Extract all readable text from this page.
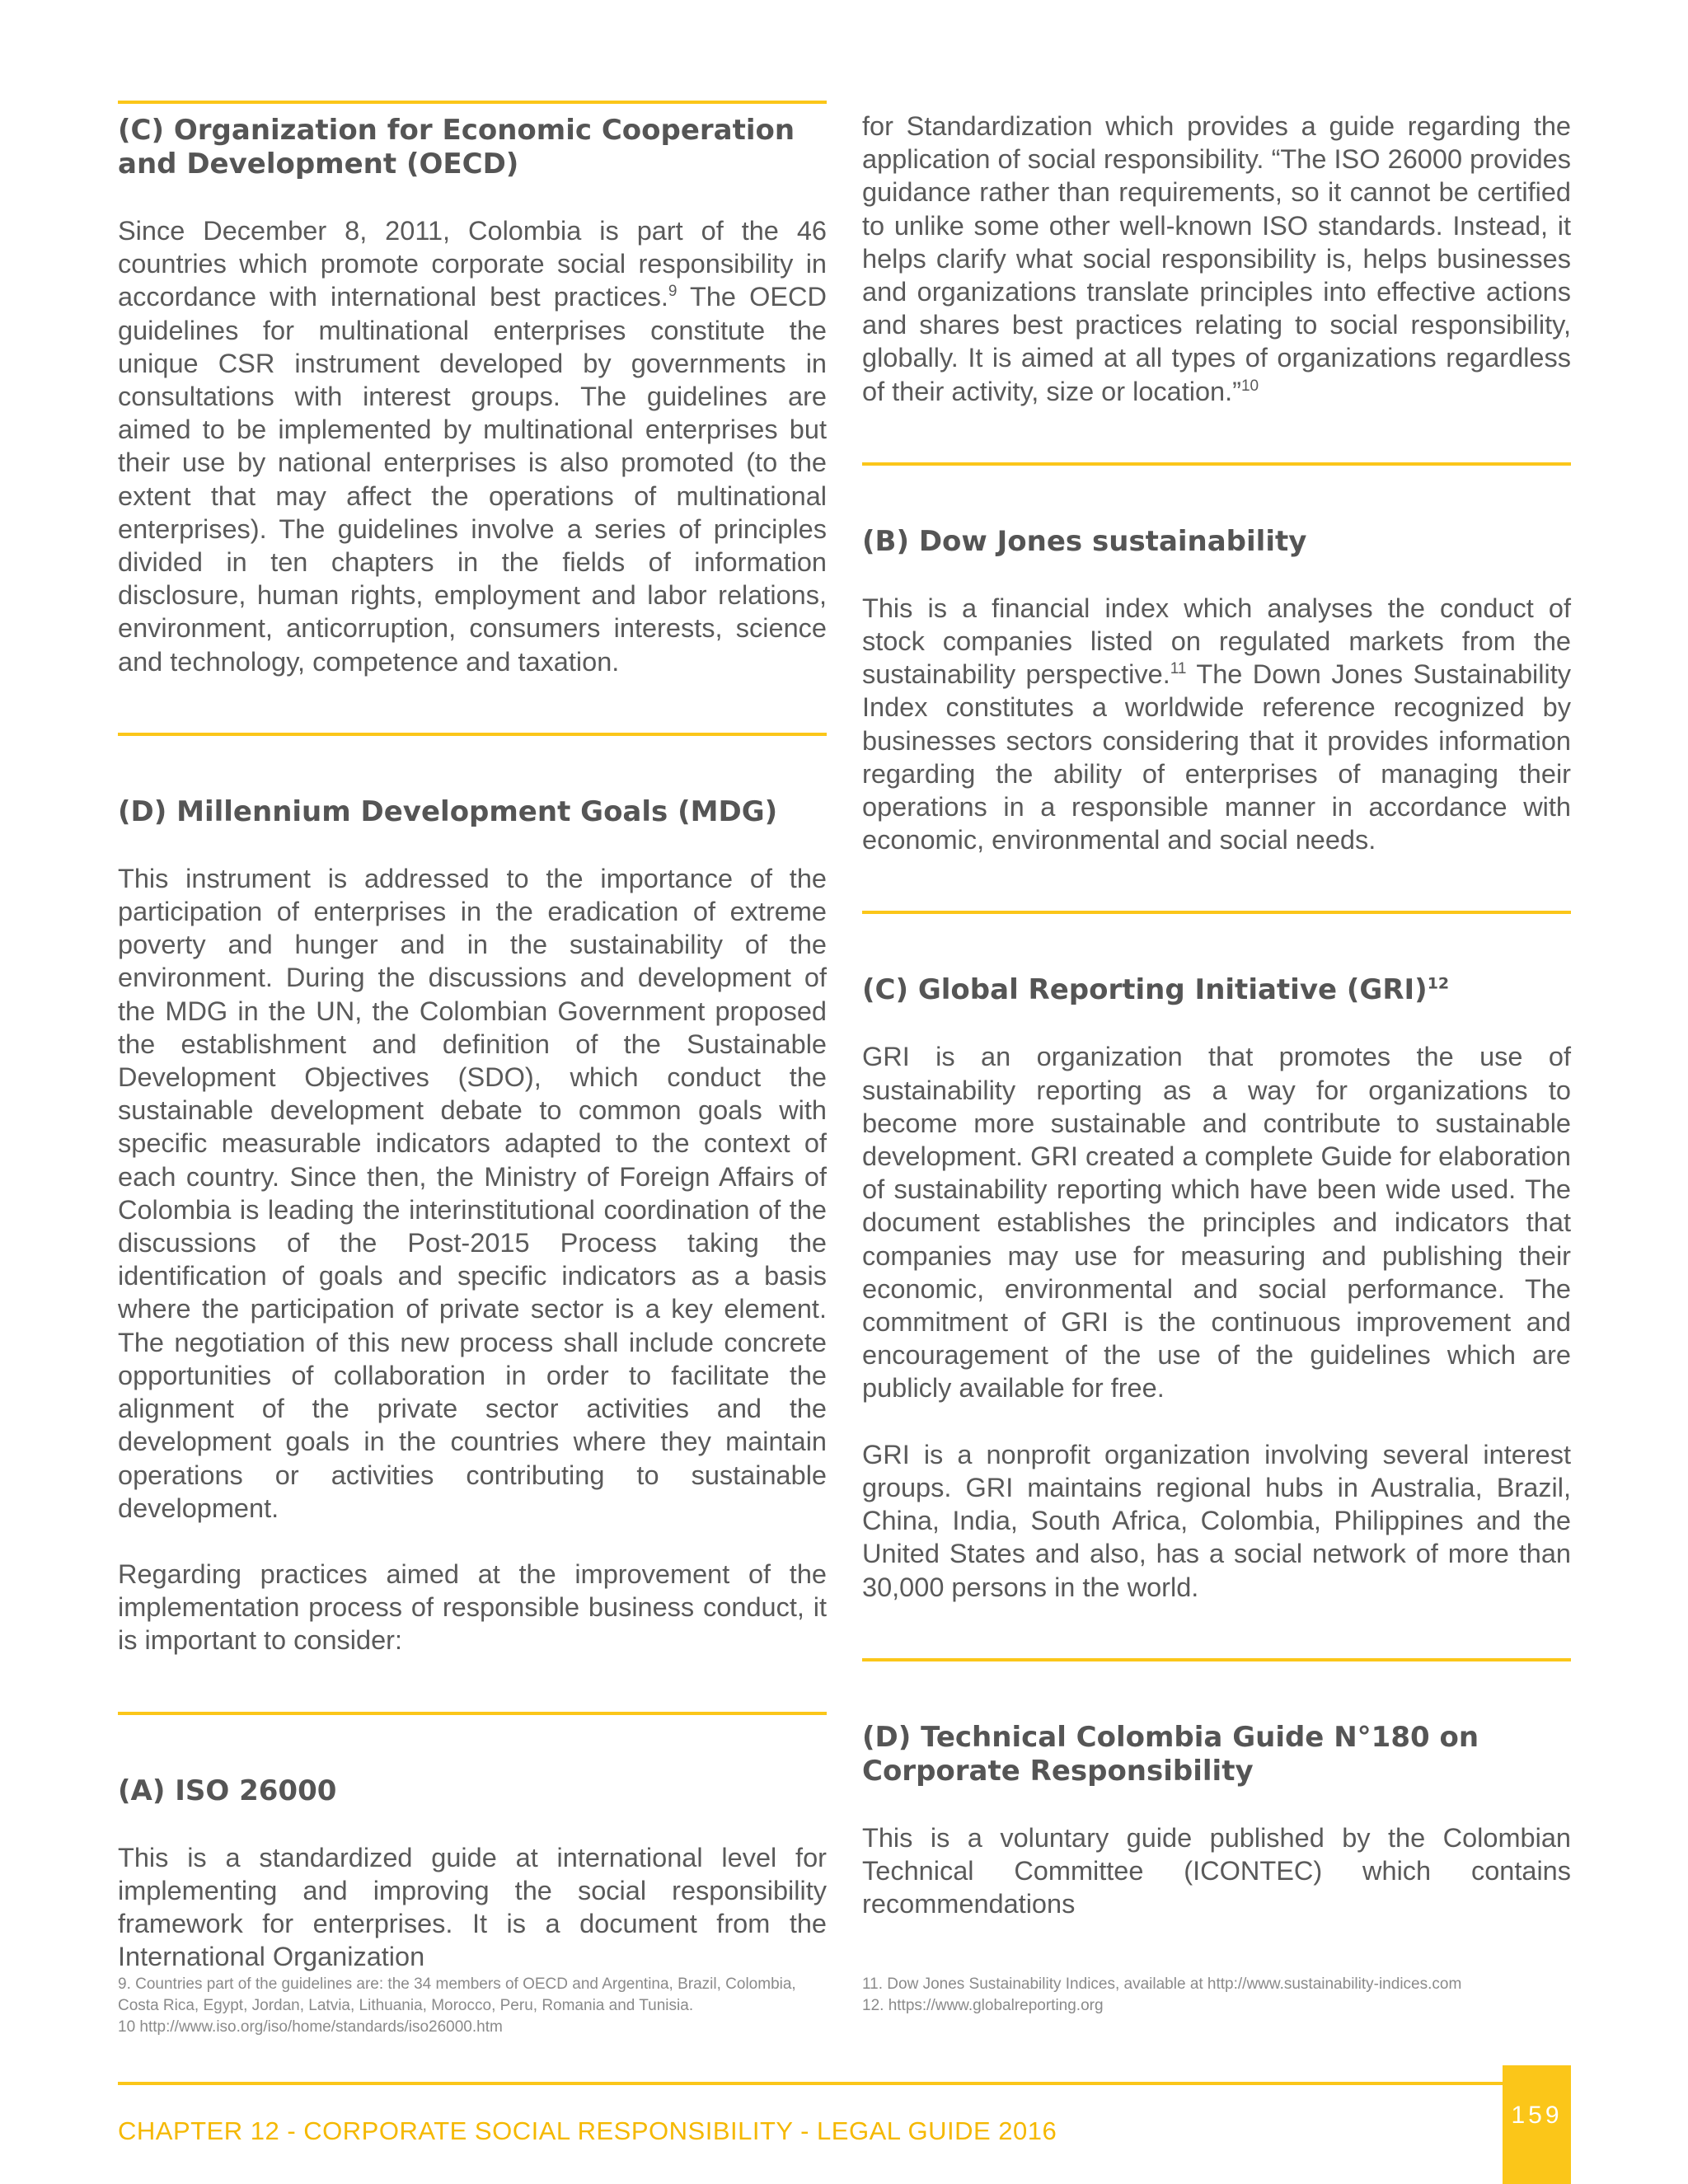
(C) Organization for Economic Cooperation and Development (OECD)

Since December 8, 2011, Colombia is part of the 46 countries which promote corporate social responsibility in accordance with international best practices.$^9$ The OECD guidelines for multinational enterprises constitute the unique CSR instrument developed by governments in consultations with interest groups. The guidelines are aimed to be implemented by multinational enterprises but their use by national enterprises is also promoted (to the extent that may affect the operations of multinational enterprises). The guidelines involve a series of principles divided in ten chapters in the fields of information disclosure, human rights, employment and labor relations, environment, anticorruption, consumers interests, science and technology, competence and taxation.

(D) Millennium Development Goals (MDG)

This instrument is addressed to the importance of the participation of enterprises in the eradication of extreme poverty and hunger and in the sustainability of the environment. During the discussions and development of the MDG in the UN, the Colombian Government proposed the establishment and definition of the Sustainable Development Objectives (SDO), which conduct the sustainable development debate to common goals with specific measurable indicators adapted to the context of each country. Since then, the Ministry of Foreign Affairs of Colombia is leading the interinstitutional coordination of the discussions of the Post-2015 Process taking the identification of goals and specific indicators as a basis where the participation of private sector is a key element. The negotiation of this new process shall include concrete opportunities of collaboration in order to facilitate the alignment of the private sector activities and the development goals in the countries where they maintain operations or activities contributing to sustainable development.

Regarding practices aimed at the improvement of the implementation process of responsible business conduct, it is important to consider:

(A) ISO 26000

This is a standardized guide at international level for implementing and improving the social responsibility framework for enterprises. It is a document from the International Organization

for Standardization which provides a guide regarding the application of social responsibility. “The ISO 26000 provides guidance rather than requirements, so it cannot be certified to unlike some other well-known ISO standards. Instead, it helps clarify what social responsibility is, helps businesses and organizations translate principles into effective actions and shares best practices relating to social responsibility, globally. It is aimed at all types of organizations regardless of their activity, size or location.”$^{10}$

(B) Dow Jones sustainability

This is a financial index which analyses the conduct of stock companies listed on regulated markets from the sustainability perspective.$^{11}$ The Down Jones Sustainability Index constitutes a worldwide reference recognized by businesses sectors considering that it provides information regarding the ability of enterprises of managing their operations in a responsible manner in accordance with economic, environmental and social needs.

(C) Global Reporting Initiative (GRI)$^{12}$

GRI is an organization that promotes the use of sustainability reporting as a way for organizations to become more sustainable and contribute to sustainable development. GRI created a complete Guide for elaboration of sustainability reporting which have been wide used. The document establishes the principles and indicators that companies may use for measuring and publishing their economic, environmental and social performance. The commitment of GRI is the continuous improvement and encouragement of the use of the guidelines which are publicly available for free.

GRI is a nonprofit organization involving several interest groups. GRI maintains regional hubs in Australia, Brazil, China, India, South Africa, Colombia, Philippines and the United States and also, has a social network of more than 30,000 persons in the world.

(D) Technical Colombia Guide N°180 on Corporate Responsibility

This is a voluntary guide published by the Colombian Technical Committee (ICONTEC) which contains recommendations

9. Countries part of the guidelines are: the 34 members of OECD and Argentina, Brazil, Colombia, Costa Rica, Egypt, Jordan, Latvia, Lithuania, Morocco, Peru, Romania and Tunisia.

10 http://www.iso.org/iso/home/standards/iso26000.htm

11. Dow Jones Sustainability Indices, available at http://www.sustainability-indices.com

12. https://www.globalreporting.org

CHAPTER 12 - CORPORATE SOCIAL RESPONSIBILITY - LEGAL GUIDE 2016
159
